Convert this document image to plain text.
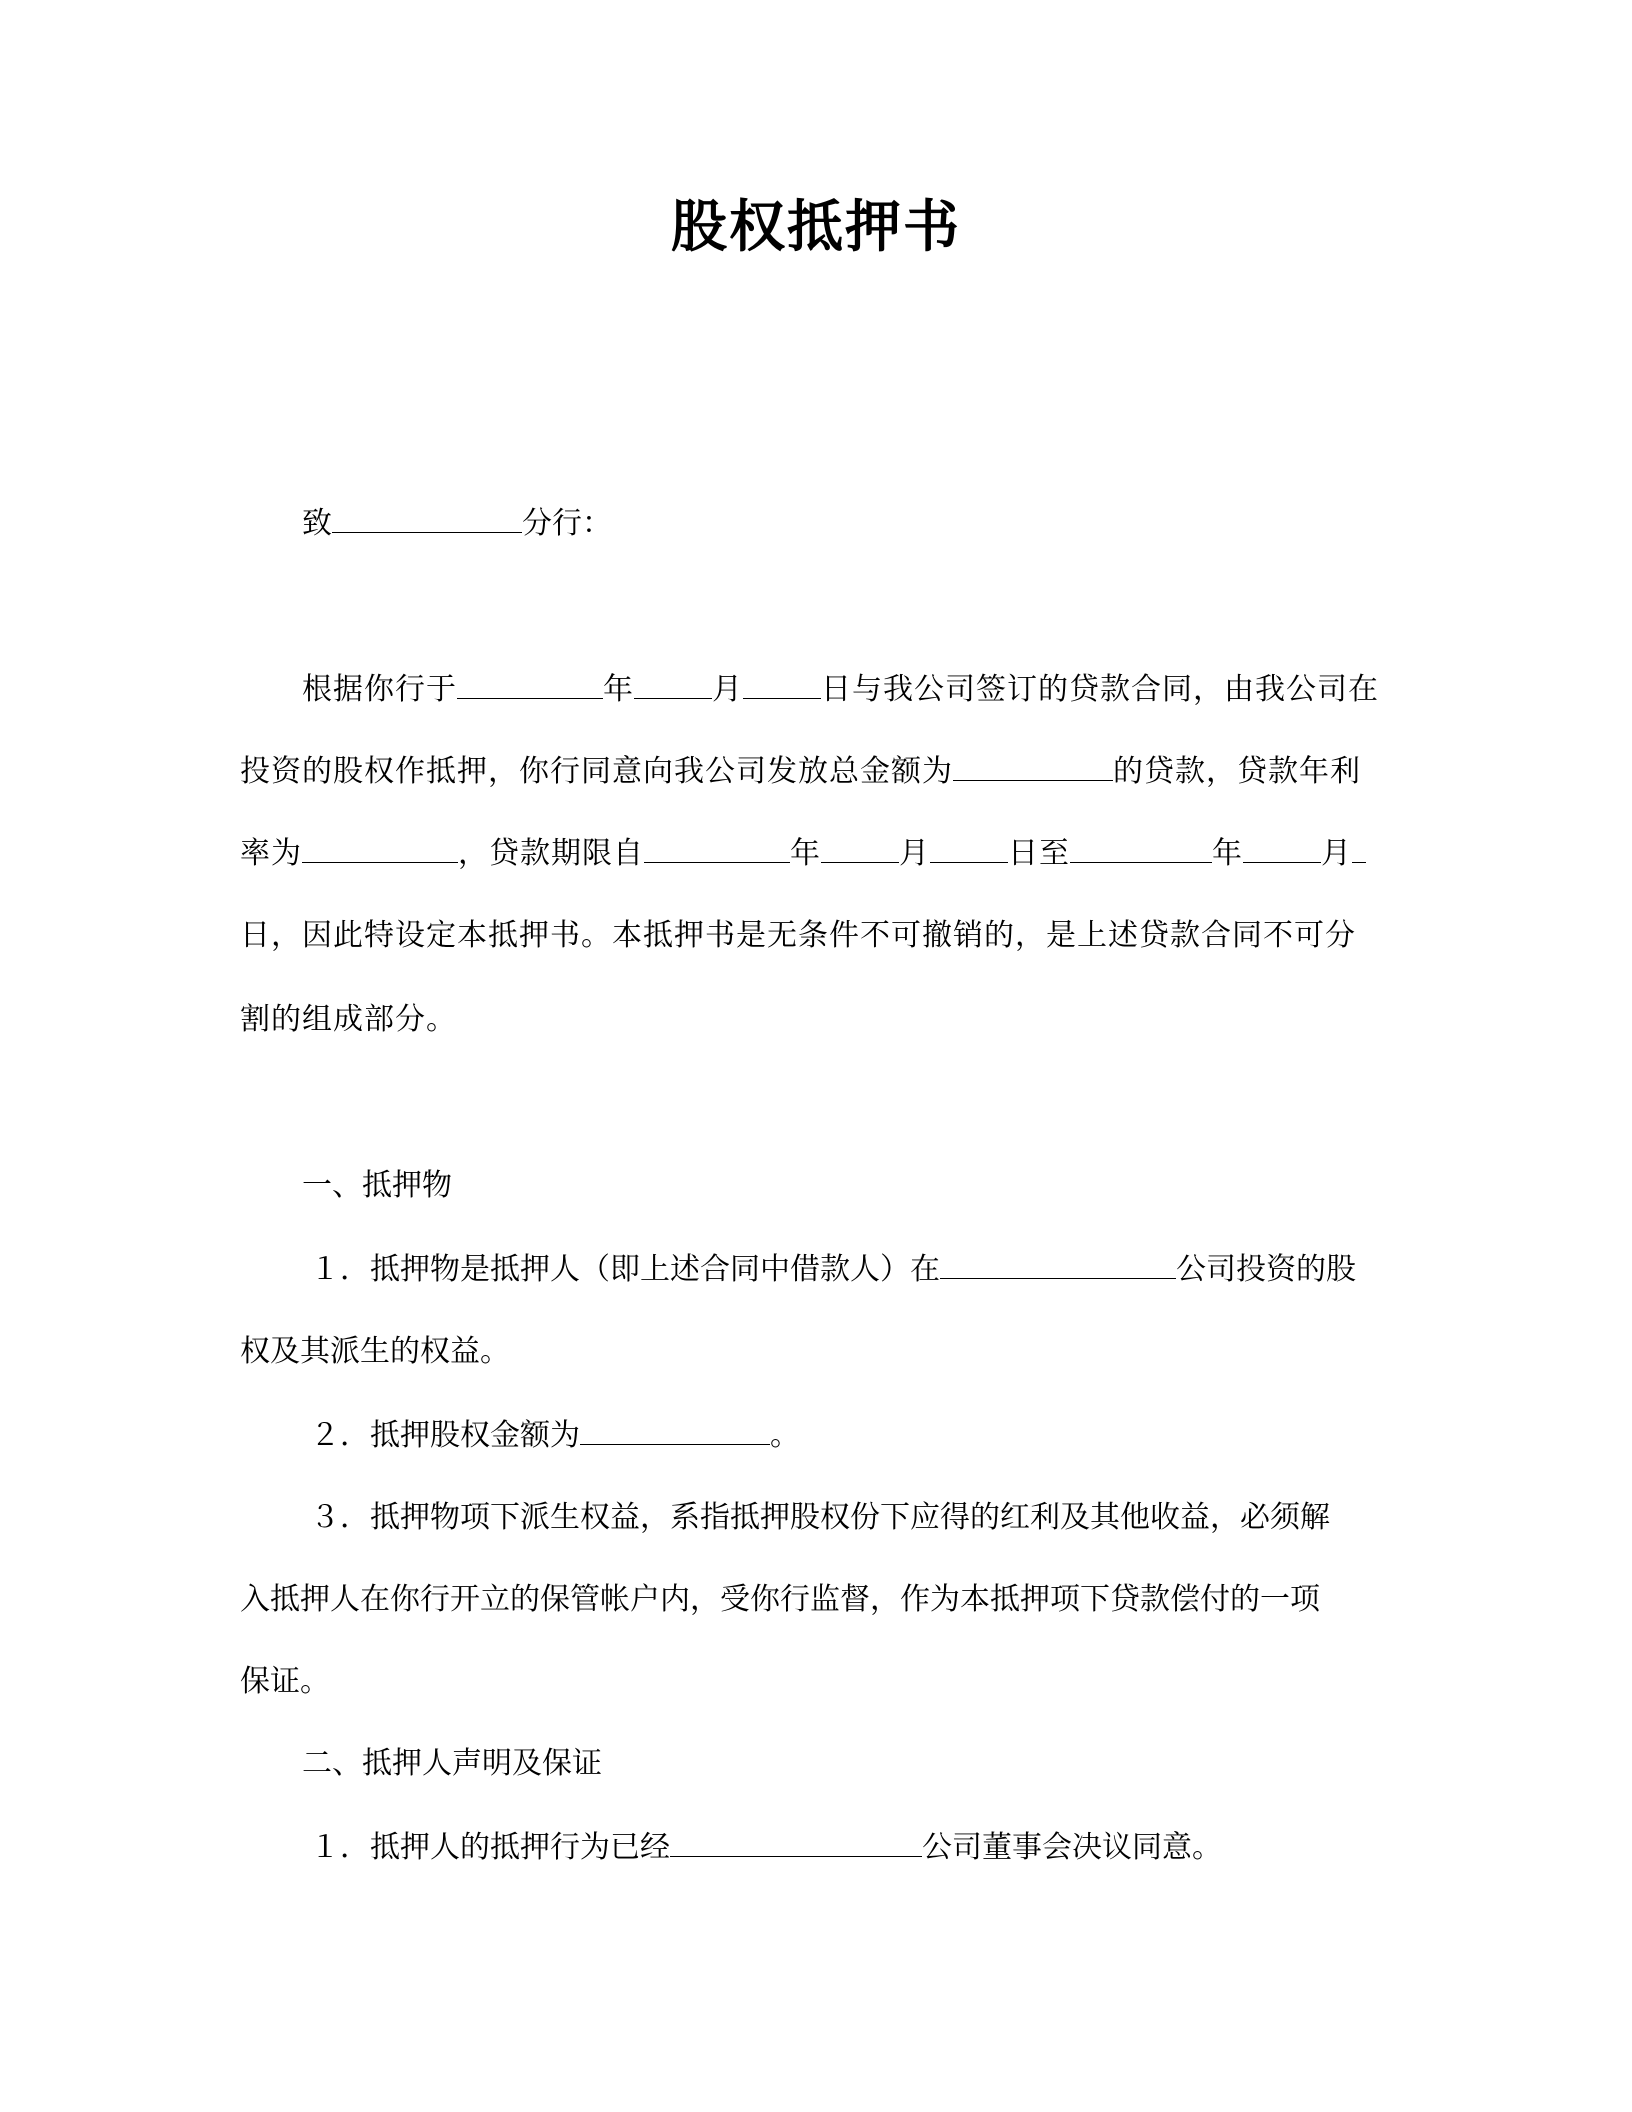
股权抵押书
致	分行：
根据你行于	年	月	日与我公司签订的贷款合同，由我公司在
投资的股权作抵押，你行同意向我公司发放总金额为	的贷款，贷款年利
率为	，贷款期限自	年	月	日至	年	月
日，因此特设定本抵押书。本抵押书是无条件不可撤销的，是上述贷款合同不可分
割的组成部分。
一、抵押物
１．抵押物是抵押人（即上述合同中借款人）在	公司投资的股
权及其派生的权益。
２．抵押股权金额为	。
３．抵押物项下派生权益，系指抵押股权份下应得的红利及其他收益，必须解
入抵押人在你行开立的保管帐户内，受你行监督，作为本抵押项下贷款偿付的一项
保证。
二、抵押人声明及保证
１．抵押人的抵押行为已经	公司董事会决议同意。
